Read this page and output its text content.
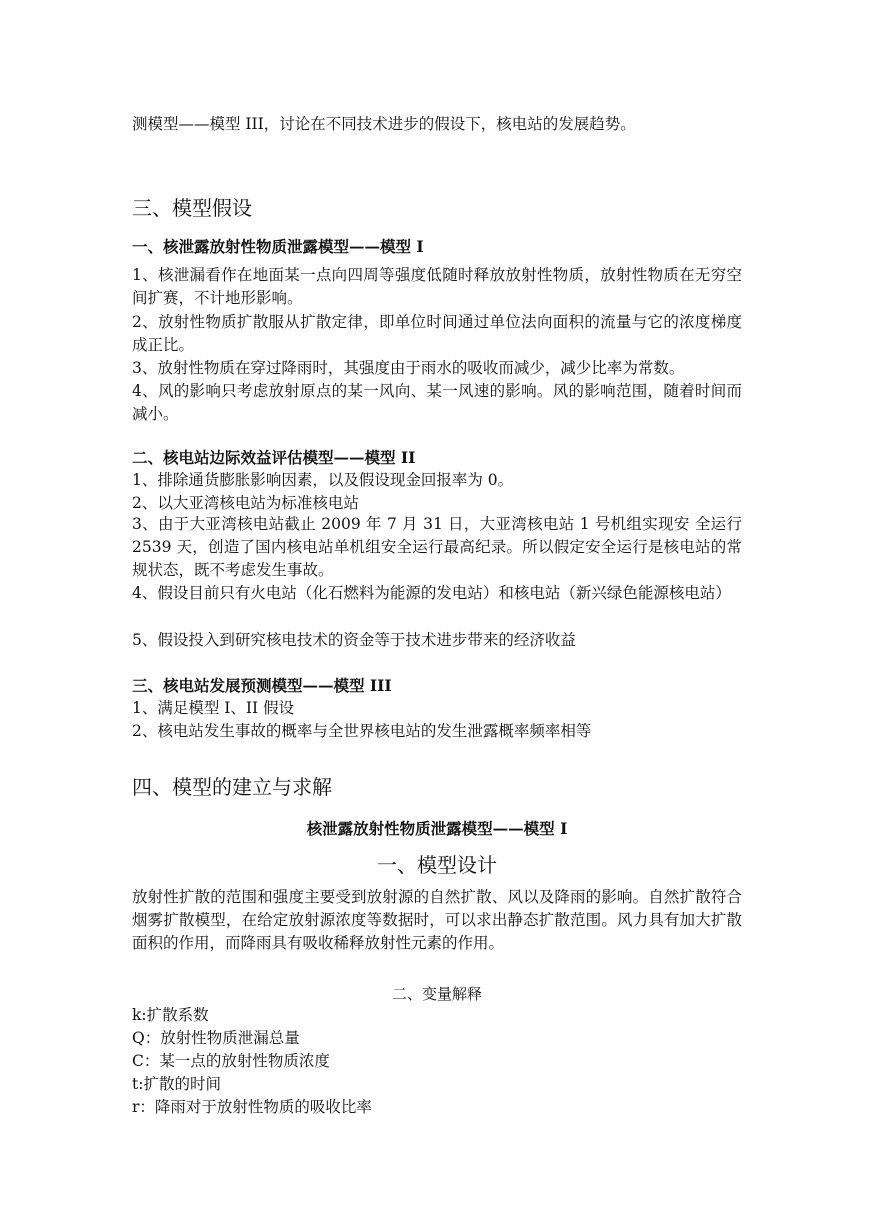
测模型——模型 III，讨论在不同技术进步的假设下，核电站的发展趋势。
三、模型假设
一、核泄露放射性物质泄露模型——模型 I
1、核泄漏看作在地面某一点向四周等强度低随时释放放射性物质，放射性物质在无穷空间扩赛，不计地形影响。
2、放射性物质扩散服从扩散定律，即单位时间通过单位法向面积的流量与它的浓度梯度成正比。
3、放射性物质在穿过降雨时，其强度由于雨水的吸收而减少，减少比率为常数。
4、风的影响只考虑放射原点的某一风向、某一风速的影响。风的影响范围，随着时间而减小。
二、核电站边际效益评估模型——模型 II
1、排除通货膨胀影响因素，以及假设现金回报率为 0。
2、以大亚湾核电站为标准核电站
3、由于大亚湾核电站截止 2009 年 7 月 31 日，大亚湾核电站 1 号机组实现安 全运行 2539 天，创造了国内核电站单机组安全运行最高纪录。所以假定安全运行是核电站的常规状态，既不考虑发生事故。
4、假设目前只有火电站（化石燃料为能源的发电站）和核电站（新兴绿色能源核电站）
5、假设投入到研究核电技术的资金等于技术进步带来的经济收益
三、核电站发展预测模型——模型 III
1、满足模型 I、II 假设
2、核电站发生事故的概率与全世界核电站的发生泄露概率频率相等
四、模型的建立与求解
核泄露放射性物质泄露模型——模型 I
一、模型设计
放射性扩散的范围和强度主要受到放射源的自然扩散、风以及降雨的影响。自然扩散符合烟雾扩散模型，在给定放射源浓度等数据时，可以求出静态扩散范围。风力具有加大扩散面积的作用，而降雨具有吸收稀释放射性元素的作用。
二、变量解释
k:扩散系数
Q：放射性物质泄漏总量
C：某一点的放射性物质浓度
t:扩散的时间
r：降雨对于放射性物质的吸收比率
